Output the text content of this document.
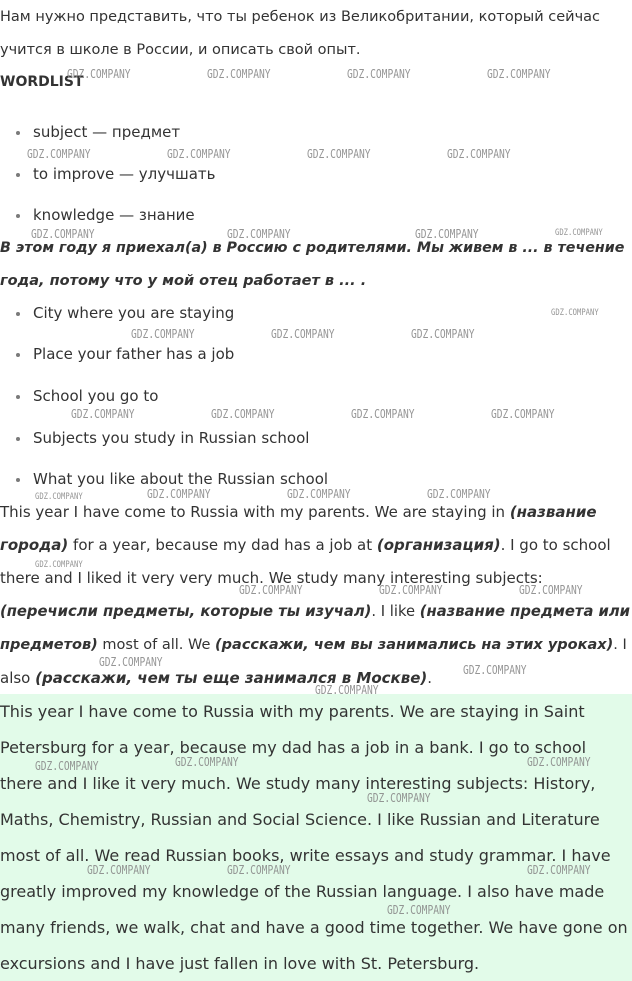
Нам нужно представить, что ты ребенок из Великобритании, который сейчас
учится в школе в России, и описать свой опыт.
WORDLIST
subject — предмет
to improve — улучшать
knowledge — знание
В этом году я приехал(а) в Россию с родителями. Мы живем в ... в течение
года, потому что у мой отец работает в ... .
City where you are staying
Place your father has a job
School you go to
Subjects you study in Russian school
What you like about the Russian school
This year I have come to Russia with my parents. We are staying in (название
города) for a year, because my dad has a job at (организация). I go to school
there and I liked it very very much. We study many interesting subjects:
(перечисли предметы, которые ты изучал). I like (название предмета или
предметов) most of all. We (расскажи, чем вы занимались на этих уроках). I
also (расскажи, чем ты еще занимался в Москве).
This year I have come to Russia with my parents. We are staying in Saint
Petersburg for a year, because my dad has a job in a bank. I go to school
there and I like it very much. We study many interesting subjects: History,
Maths, Chemistry, Russian and Social Science. I like Russian and Literature
most of all. We read Russian books, write essays and study grammar. I have
greatly improved my knowledge of the Russian language. I also have made
many friends, we walk, chat and have a good time together. We have gone on
excursions and I have just fallen in love with St. Petersburg.
GDZ.COMPANY	GDZ.COMPANY	GDZ.COMPANY	GDZ.COMPANY
GDZ.COMPANY	GDZ.COMPANY	GDZ.COMPANY	GDZ.COMPANY
GDZ.COMPANY	GDZ.COMPANY	GDZ.COMPANY	GDZ.COMPANY
GDZ.COMPANY
GDZ.COMPANY	GDZ.COMPANY	GDZ.COMPANY
GDZ.COMPANY	GDZ.COMPANY	GDZ.COMPANY	GDZ.COMPANY
GDZ.COMPANY	GDZ.COMPANY	GDZ.COMPANY	GDZ.COMPANY
GDZ.COMPANY
GDZ.COMPANY	GDZ.COMPANY	GDZ.COMPANY
GDZ.COMPANY
GDZ.COMPANY
GDZ.COMPANY
GDZ.COMPANY	GDZ.COMPANY	GDZ.COMPANY
GDZ.COMPANY
GDZ.COMPANY	GDZ.COMPANY	GDZ.COMPANY
GDZ.COMPANY
